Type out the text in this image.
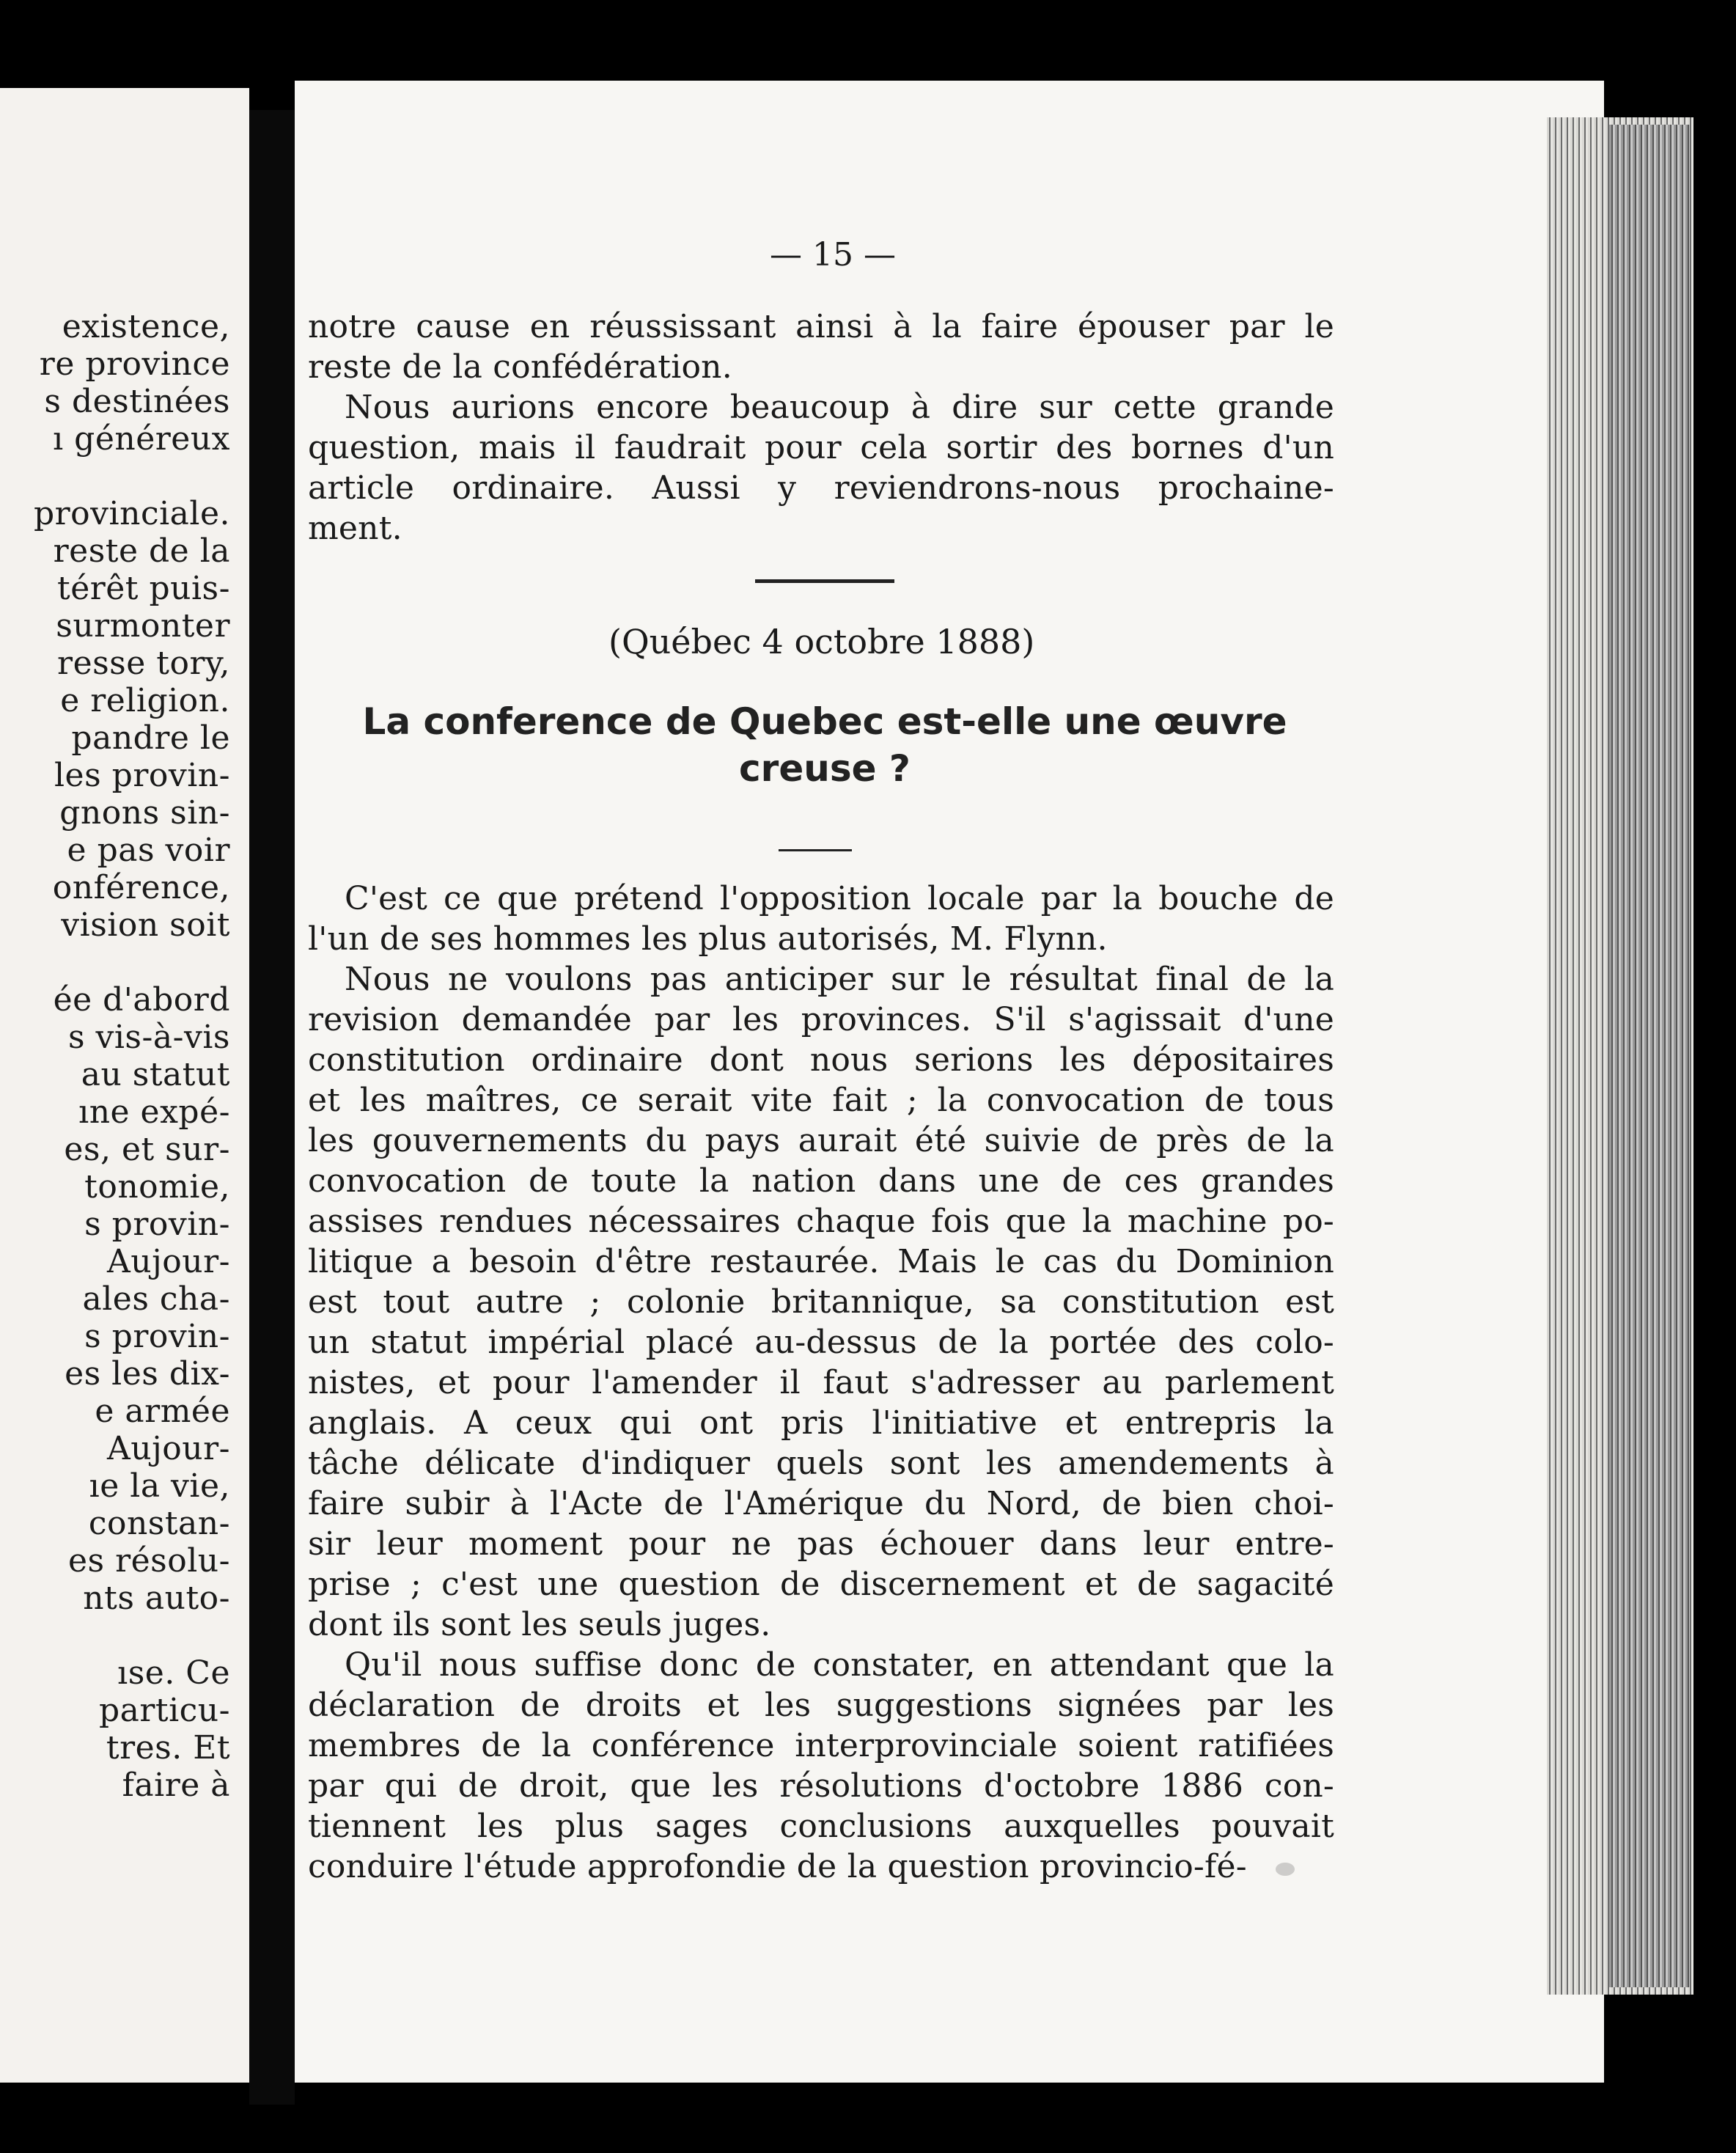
existence,
re province
s destinées
ı généreux
provinciale.
reste de la
térêt puis-
surmonter
resse tory,
e religion.
pandre le
les provin-
gnons sin-
e pas voir
onférence,
vision soit
ée d'abord
s vis-à-vis
au statut
ıne expé-
es, et sur-
tonomie,
s provin-
Aujour-
ales cha-
s provin-
es les dix-
e armée
Aujour-
ıe la vie,
constan-
es résolu-
nts auto-
ıse. Ce
particu-
tres. Et
faire à
— 15 —

notre cause en réussissant ainsi à la faire épouser par le

reste de la confédération.

Nous aurions encore beaucoup à dire sur cette grande

question, mais il faudrait pour cela sortir des bornes d'un

article ordinaire. Aussi y reviendrons-nous prochaine-

ment.

(Québec 4 octobre 1888)
La conference de Quebec est-elle une œuvre
creuse ?

C'est ce que prétend l'opposition locale par la bouche de

l'un de ses hommes les plus autorisés, M. Flynn.

Nous ne voulons pas anticiper sur le résultat final de la

revision demandée par les provinces. S'il s'agissait d'une

constitution ordinaire dont nous serions les dépositaires

et les maîtres, ce serait vite fait ; la convocation de tous

les gouvernements du pays aurait été suivie de près de la

convocation de toute la nation dans une de ces grandes

assises rendues nécessaires chaque fois que la machine po-

litique a besoin d'être restaurée. Mais le cas du Dominion

est tout autre ; colonie britannique, sa constitution est

un statut impérial placé au-dessus de la portée des colo-

nistes, et pour l'amender il faut s'adresser au parlement

anglais. A ceux qui ont pris l'initiative et entrepris la

tâche délicate d'indiquer quels sont les amendements à

faire subir à l'Acte de l'Amérique du Nord, de bien choi-

sir leur moment pour ne pas échouer dans leur entre-

prise ; c'est une question de discernement et de sagacité

dont ils sont les seuls juges.

Qu'il nous suffise donc de constater, en attendant que la

déclaration de droits et les suggestions signées par les

membres de la conférence interprovinciale soient ratifiées

par qui de droit, que les résolutions d'octobre 1886 con-

tiennent les plus sages conclusions auxquelles pouvait

conduire l'étude approfondie de la question provincio-fé-
